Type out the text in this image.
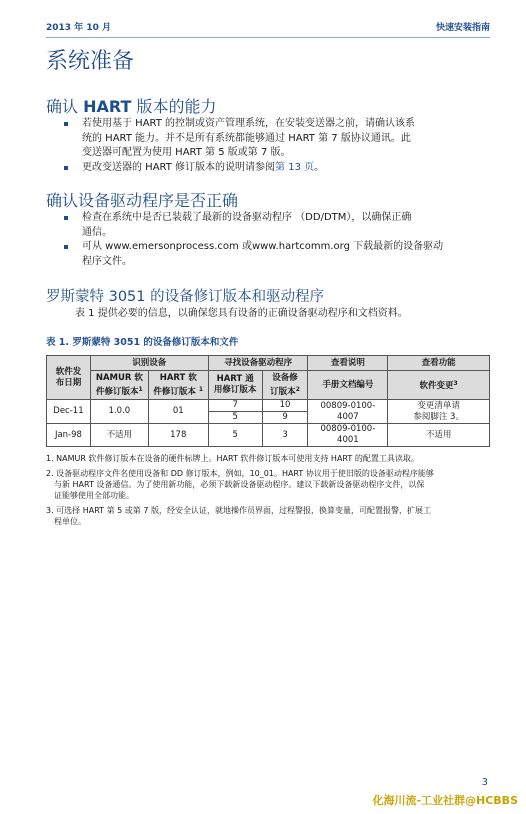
2013 年 10 月	快速安装指南
系统准备
确认 HART 版本的能力
若使用基于 HART 的控制或资产管理系统，在安装变送器之前，请确认该系
统的 HART 能力。并不是所有系统都能够通过 HART 第 7 版协议通讯。此
变送器可配置为使用 HART 第 5 版或第 7 版。
更改变送器的 HART 修订版本的说明请参阅第 13 页。
确认设备驱动程序是否正确
检查在系统中是否已装载了最新的设备驱动程序 （DD/DTM），以确保正确
通信。
可从 www.emersonprocess.com 或www.hartcomm.org 下载最新的设备驱动
程序文件。
罗斯蒙特 3051 的设备修订版本和驱动程序
表 1 提供必要的信息，以确保您具有设备的正确设备驱动程序和文档资料。
表 1. 罗斯蒙特 3051 的设备修订版本和文件
软件发
布日期	识别设备		寻找设备驱动程序		查看说明	查看功能
	NAMUR 软
件修订版本$^1$	HART 软
件修订版本 $^1$	HART 通
用修订版本	设备修
订版本$^2$	手册文档编号	软件变更$^3$
Dec-11	1.0.0	01	7	10	00809-0100-4007	变更清单请
参阅脚注 3。
			5	9		
Jan-98	不适用	178	5	3	00809-0100-4001	不适用

1. NAMUR 软件修订版本在设备的硬件标牌上。HART 软件修订版本可使用支持 HART 的配置工具读取。

2. 设备驱动程序文件名使用设备和 DD 修订版本，例如，10_01。HART 协议用于使旧版的设备驱动程序能够
与新 HART 设备通信。为了使用新功能，必须下载新设备驱动程序。建议下载新设备驱动程序文件，以保
证能够使用全部功能。

3. 可选择 HART 第 5 或第 7 版，经安全认证，就地操作员界面，过程警报，换算变量，可配置报警，扩展工
程单位。

3
化海川流-工业社群@HCBBS
